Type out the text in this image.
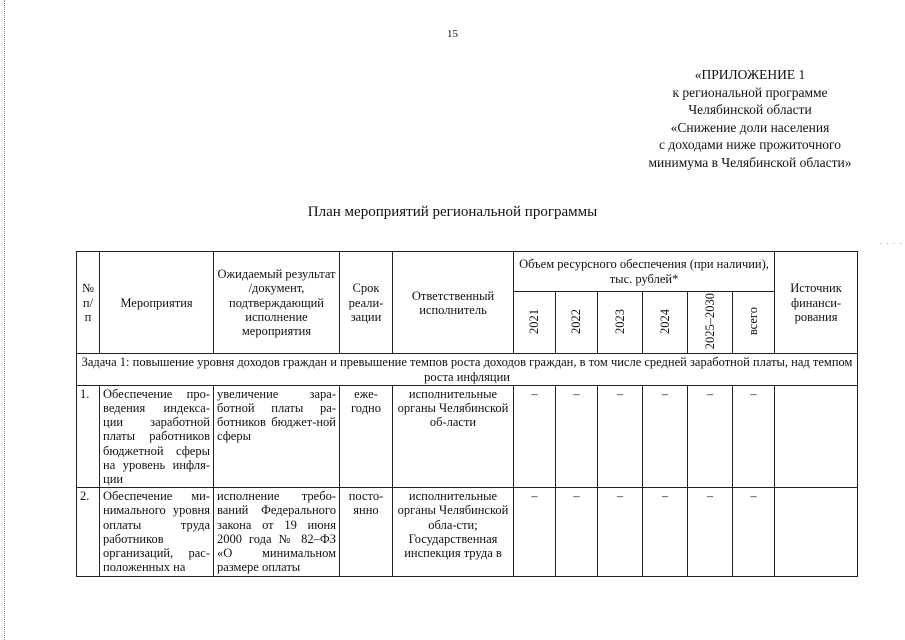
15
«ПРИЛОЖЕНИЕ 1
к региональной программе
Челябинской области
«Снижение доли населения
с доходами ниже прожиточного
минимума в Челябинской области»
План мероприятий региональной программы
. . . .
№ п/п	Мероприятия	Ожидаемый результат /документ, подтверждающий исполнение мероприятия	Срок реали-зации	Ответственный исполнитель	Объем ресурсного обеспечения (при наличии), тыс. рублей*						Источник финанси-рования
					2021	2022	2023	2024	2025–2030	всего	
Задача 1: повышение уровня доходов граждан и превышение темпов роста доходов граждан, в том числе средней заработной платы, над темпом роста инфляции											
1.	Обеспечение про-ведения индекса-ции заработной платы работников бюджетной сферы на уровень инфля-ции	увеличение зара-ботной платы ра-ботников бюджет-ной сферы	еже-годно	исполнительные органы Челябинской об-ласти	–	–	–	–	–	–	
2.	Обеспечение ми-нимального уровня оплаты труда работников организаций, рас-положенных на	исполнение требо-ваний Федерального закона от 19 июня 2000 года № 82–ФЗ «О минимальном размере оплаты	посто-янно	исполнительные органы Челябинской обла-сти; Государственная инспекция труда в	–	–	–	–	–	–	
